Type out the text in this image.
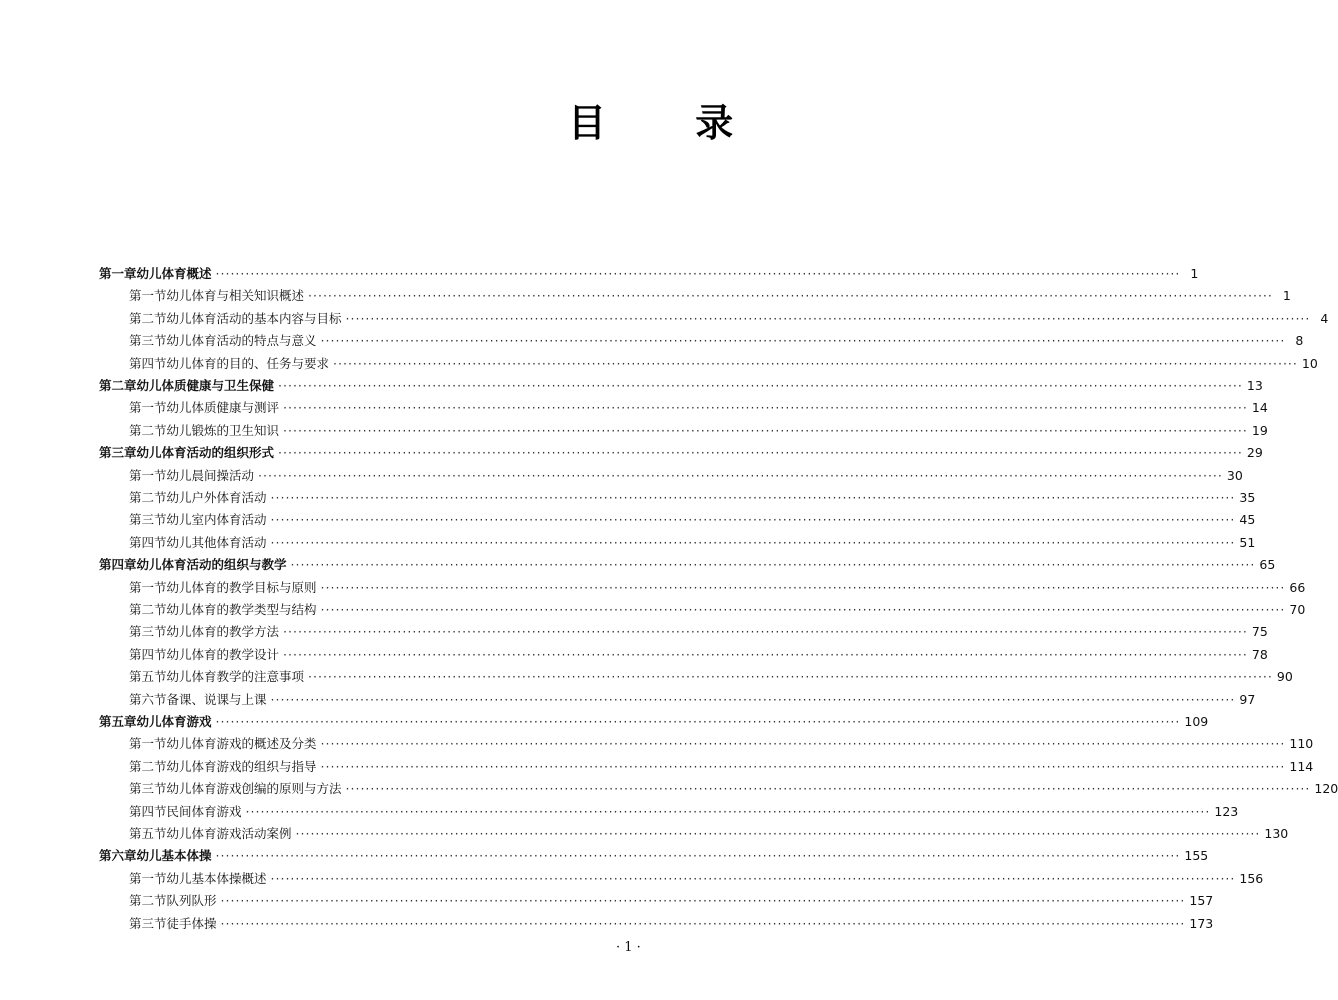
目 录
第一章 幼儿体育概述 ·····	1
第一节 幼儿体育与相关知识概述 ·····	1
第二节 幼儿体育活动的基本内容与目标 ·····	4
第三节 幼儿体育活动的特点与意义 ·····	8
第四节 幼儿体育的目的、任务与要求 ·····	10
第二章 幼儿体质健康与卫生保健 ·····	13
第一节 幼儿体质健康与测评 ·····	14
第二节 幼儿锻炼的卫生知识 ·····	19
第三章 幼儿体育活动的组织形式 ·····	29
第一节 幼儿晨间操活动 ·····	30
第二节 幼儿户外体育活动 ·····	35
第三节 幼儿室内体育活动 ·····	45
第四节 幼儿其他体育活动 ·····	51
第四章 幼儿体育活动的组织与教学 ·····	65
第一节 幼儿体育的教学目标与原则 ·····	66
第二节 幼儿体育的教学类型与结构 ·····	70
第三节 幼儿体育的教学方法 ·····	75
第四节 幼儿体育的教学设计 ·····	78
第五节 幼儿体育教学的注意事项 ·····	90
第六节 备课、说课与上课 ·····	97
第五章 幼儿体育游戏 ·····	109
第一节 幼儿体育游戏的概述及分类 ·····	110
第二节 幼儿体育游戏的组织与指导 ·····	114
第三节 幼儿体育游戏创编的原则与方法 ·····	120
第四节 民间体育游戏 ·····	123
第五节 幼儿体育游戏活动案例 ·····	130
第六章 幼儿基本体操 ·····	155
第一节 幼儿基本体操概述 ·····	156
第二节 队列队形 ·····	157
第三节 徒手体操 ·····	173
· 1 ·
